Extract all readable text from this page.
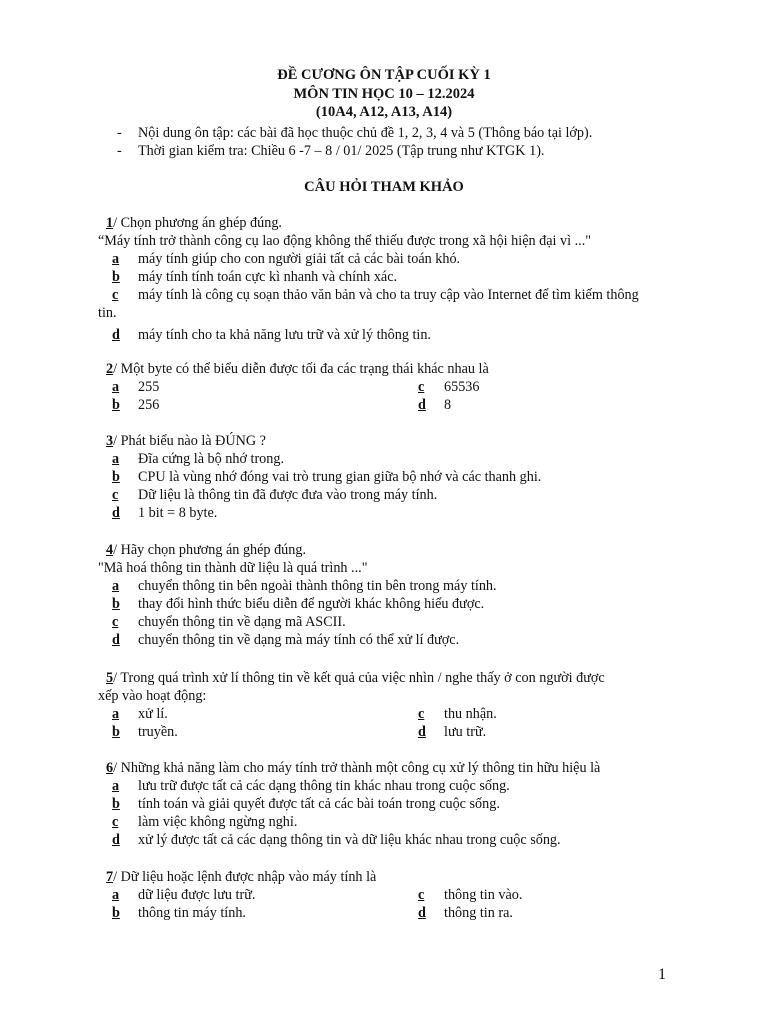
ĐỀ CƯƠNG ÔN TẬP CUỐI KỲ 1
MÔN TIN HỌC 10 – 12.2024
(10A4, A12, A13, A14)
- Nội dung ôn tập: các bài đã học thuộc chủ đề 1, 2, 3, 4 và 5 (Thông báo tại lớp).
- Thời gian kiểm tra: Chiều 6 -7 – 8 / 01/ 2025 (Tập trung như KTGK 1).
CÂU HỎI THAM KHẢO
1/ Chọn phương án ghép đúng.
“Máy tính trở thành công cụ lao động không thể thiếu được trong xã hội hiện đại vì ..."
a máy tính giúp cho con người giải tất cả các bài toán khó.
b máy tính tính toán cực kì nhanh và chính xác.
c máy tính là công cụ soạn thảo văn bản và cho ta truy cập vào Internet để tìm kiếm thông tin.
d máy tính cho ta khả năng lưu trữ và xử lý thông tin.
2/ Một byte có thể biểu diễn được tối đa các trạng thái khác nhau là
a 255	c 65536
b 256	d 8
3/ Phát biểu nào là ĐÚNG ?
a Đĩa cứng là bộ nhớ trong.
b CPU là vùng nhớ đóng vai trò trung gian giữa bộ nhớ và các thanh ghi.
c Dữ liệu là thông tin đã được đưa vào trong máy tính.
d 1 bit = 8 byte.
4/ Hãy chọn phương án ghép đúng.
"Mã hoá thông tin thành dữ liệu là quá trình ..."
a chuyển thông tin bên ngoài thành thông tin bên trong máy tính.
b thay đổi hình thức biểu diễn để người khác không hiểu được.
c chuyển thông tin về dạng mã ASCII.
d chuyển thông tin về dạng mà máy tính có thể xử lí được.
5/ Trong quá trình xử lí thông tin về kết quả của việc nhìn / nghe thấy ở con người được
xếp vào hoạt động:
a xử lí.	c thu nhận.
b truyền.	d lưu trữ.
6/ Những khả năng làm cho máy tính trở thành một công cụ xử lý thông tin hữu hiệu là
a lưu trữ được tất cả các dạng thông tin khác nhau trong cuộc sống.
b tính toán và giải quyết được tất cả các bài toán trong cuộc sống.
c làm việc không ngừng nghỉ.
d xử lý được tất cả các dạng thông tin và dữ liệu khác nhau trong cuộc sống.
7/ Dữ liệu hoặc lệnh được nhập vào máy tính là
a dữ liệu được lưu trữ.	c thông tin vào.
b thông tin máy tính.	d thông tin ra.
1
